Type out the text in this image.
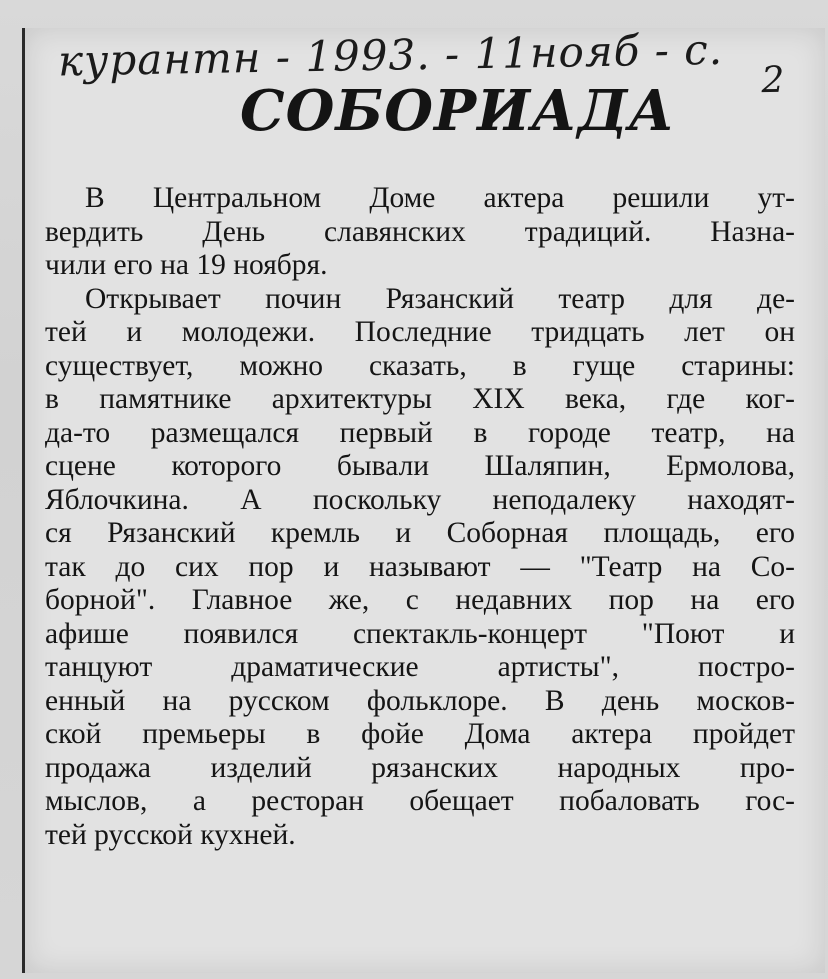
курантн - 1993. - 11нояб - с. 2
СОБОРИАДА
В Центральном Доме актера решили ут-
вердить День славянских традиций. Назна-
чили его на 19 ноября.
Открывает почин Рязанский театр для де-
тей и молодежи. Последние тридцать лет он
существует, можно сказать, в гуще старины:
в памятнике архитектуры XIX века, где ког-
да-то размещался первый в городе театр, на
сцене которого бывали Шаляпин, Ермолова,
Яблочкина. А поскольку неподалеку находят-
ся Рязанский кремль и Соборная площадь, его
так до сих пор и называют — "Театр на Со-
борной". Главное же, с недавних пор на его
афише появился спектакль-концерт "Поют и
танцуют драматические артисты", постро-
енный на русском фольклоре. В день москов-
ской премьеры в фойе Дома актера пройдет
продажа изделий рязанских народных про-
мыслов, а ресторан обещает побаловать гос-
тей русской кухней.
